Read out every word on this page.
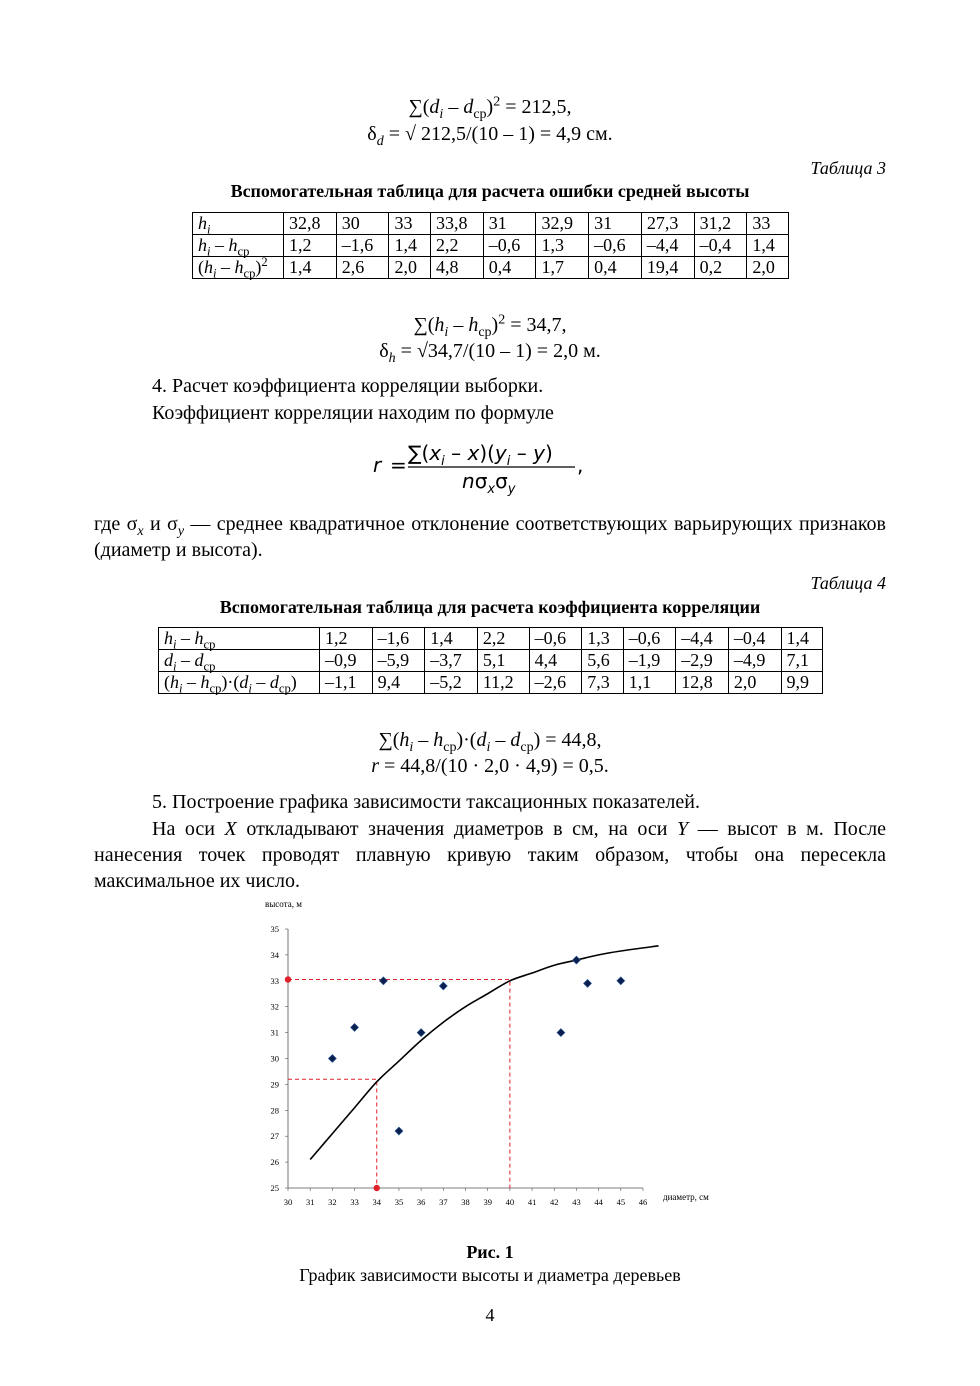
$\sum(d_i - d_{ср})^2 = 212,5$,
$\delta_d$ = √ 212,5/(10 – 1) = 4,9 см.
Таблица 3
Вспомогательная таблица для расчета ошибки средней высоты
$h_i$	32,8	30	33	33,8	31	32,9	31	27,3	31,2	33
$h_i - h_{ср}$	1,2	–1,6	1,4	2,2	–0,6	1,3	–0,6	–4,4	–0,4	1,4
$(h_i - h_{ср})^2$	1,4	2,6	2,0	4,8	0,4	1,7	0,4	19,4	0,2	2,0
$\sum(h_i - h_{ср})^2 = 34,7$,
$\delta_h = √34,7/(10 - 1) = 2,0$ м.
4. Расчет коэффициента корреляции выборки.
Коэффициент корреляции находим по формуле
$r = \sum(x_i - x)(y_i - y)$
$n\sigma_x\sigma_y$
,
где $\sigma_x$ и $\sigma_y$ — среднее квадратичное отклонение соответствующих варьирующих признаков (диаметр и высота).
Таблица 4
Вспомогательная таблица для расчета коэффициента корреляции
$h_i - h_{ср}$	1,2	–1,6	1,4	2,2	–0,6	1,3	–0,6	–4,4	–0,4	1,4
$d_i - d_{ср}$	–0,9	–5,9	–3,7	5,1	4,4	5,6	–1,9	–2,9	–4,9	7,1
$(h_i - h_{ср})\cdot(d_i - d_{ср})$	–1,1	9,4	–5,2	11,2	–2,6	7,3	1,1	12,8	2,0	9,9
$\sum(h_i - h_{ср})\cdot(d_i - d_{ср}) = 44,8$,
r = 44,8/(10 · 2,0 · 4,9) = 0,5.
5. Построение графика зависимости таксационных показателей.
На оси X откладывают значения диаметров в см, на оси Y — высот в м. После нанесения точек проводят плавную кривую таким образом, чтобы она пересекла максимальное их число.
30 31 32 33 34 35 36 37 38 39 40 41 42 43 44 45 46
25
26
27
28
29
30
31
32
33
34
35
высота, м
диаметр, см
Рис. 1
График зависимости высоты и диаметра деревьев
4
